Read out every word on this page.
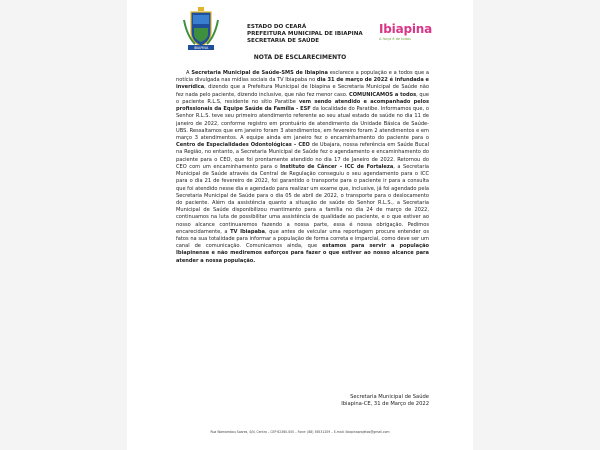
IBIAPINA
ESTADO DO CEARÁ
PREFEITURA MUNICIPAL DE IBIAPINA
SECRETARIA DE SAÚDE
Ibiapina
A força é de todos
NOTA DE ESCLARECIMENTO
A Secretaria Municipal de Saúde-SMS de Ibiapina esclarece a população e a todos que a notícia divulgada nas mídias sociais da TV Ibiapaba no dia 31 de março de 2022 é infundada e inverídica, dizendo que a Prefeitura Municipal de Ibiapina e Secretaria Municipal de Saúde não fez nada pelo paciente, dizendo inclusive, que não fez menor caso. COMUNICAMOS a todos, que o paciente R.L.S, residente no sítio Paratibe vem sendo atendido e acompanhado pelos profissionais da Equipe Saúde da Família - ESF da localidade do Paratibe. Informamos que, o Senhor R.L.S. teve seu primeiro atendimento referente ao seu atual estado de saúde no dia 11 de janeiro de 2022, conforme registro em prontuário de atendimento da Unidade Básica de Saúde-UBS. Ressaltamos que em janeiro foram 3 atendimentos, em fevereiro foram 2 atendimentos e em março 3 atendimentos. A equipe ainda em janeiro fez o encaminhamento do paciente para o Centro de Especialidades Odontológicas – CEO de Ubajara, nossa referência em Saúde Bucal na Região, no entanto, a Secretaria Municipal de Saúde fez o agendamento e encaminhamento do paciente para o CEO, que foi prontamente atendido no dia 17 de Janeiro de 2022. Retornou do CEO com um encaminhamento para o Instituto de Câncer – ICC de Fortaleza, a Secretaria Municipal de Saúde através da Central de Regulação conseguiu o seu agendamento para o ICC para o dia 21 de fevereiro de 2022, foi garantido o transporte para o paciente ir para a consulta que foi atendido nesse dia e agendado para realizar um exame que, inclusive, já foi agendado pela Secretaria Municipal de Saúde para o dia 05 de abril de 2022, o transporte para o deslocamento do paciente. Além da assistência quanto a situação de saúde do Senhor R.L.S., a Secretaria Municipal de Saúde disponibilizou mantimento para a família no dia 24 de março de 2022, continuamos na luta de possibilitar uma assistência de qualidade ao paciente, e o que estiver ao nosso alcance continuaremos fazendo a nossa parte, essa é nossa obrigação. Pedimos encarecidamente, a TV Ibiapaba, que antes de veicular uma reportagem procure entender os fatos na sua totalidade para informar a população de forma correta e imparcial, como deve ser um canal de comunicação. Comunicamos ainda, que estamos para servir a população Ibiapinense e não mediremos esforços para fazer o que estiver ao nosso alcance para atender a nossa população.
Secretaria Municipal de Saúde
Ibiapina-CE, 31 de Março de 2022
Rua Wamambau Soares, S/N, Centro – CEP 62360-000 – Fone: (88) 36531209 – E-mail: ibiapinaprojetos@gmail.com
